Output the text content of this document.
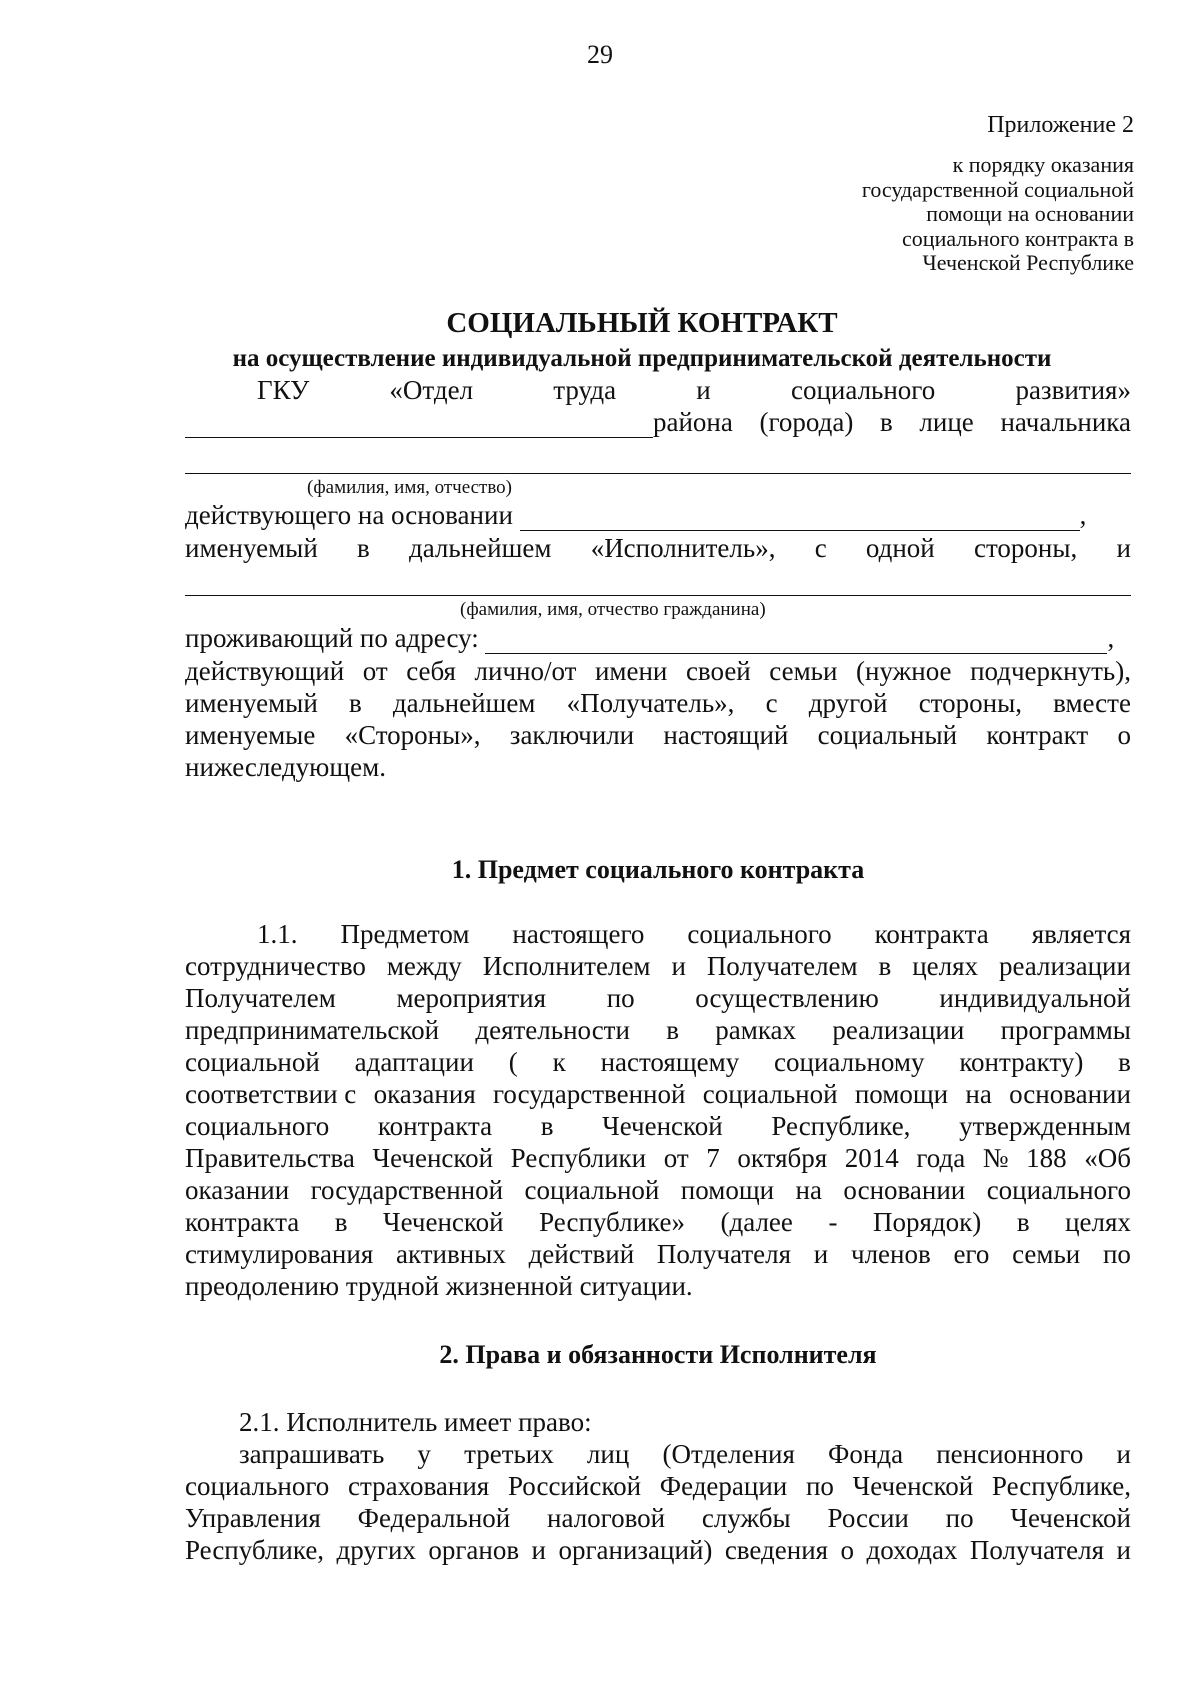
29
Приложение 2
к порядку оказания
государственной социальной
помощи на основании
социального контракта в
Чеченской Республике
СОЦИАЛЬНЫЙ КОНТРАКТ
на осуществление индивидуальной предпринимательской деятельности
ГКУ	«Отдел	труда	и	социального	развития»
района (города) в лице начальника
(фамилия, имя, отчество)
действующего на основании	,
именуемый в дальнейшем «Исполнитель», с одной стороны, и
(фамилия, имя, отчество гражданина)
проживающий по адресу:	,
действующий от себя лично/от имени своей семьи (нужное подчеркнуть),
именуемый в дальнейшем «Получатель», с другой стороны, вместе
именуемые «Стороны», заключили настоящий социальный контракт о
нижеследующем.
1. Предмет социального контракта
1.1. Предметом настоящего социального контракта является
сотрудничество между Исполнителем и Получателем в целях реализации
Получателем мероприятия по осуществлению индивидуальной
предпринимательской деятельности в рамках реализации программы
социальной адаптации ( к настоящему социальному контракту) в
соответствии с оказания государственной социальной помощи на основании
социального контракта в Чеченской Республике, утвержденным
Правительства Чеченской Республики от 7 октября 2014 года № 188 «Об
оказании государственной социальной помощи на основании социального
контракта в Чеченской Республике» (далее - Порядок) в целях
стимулирования активных действий Получателя и членов его семьи по
преодолению трудной жизненной ситуации.
2. Права и обязанности Исполнителя
2.1. Исполнитель имеет право:
запрашивать у третьих лиц (Отделения Фонда пенсионного и
социального страхования Российской Федерации по Чеченской Республике,
Управления Федеральной налоговой службы России по Чеченской
Республике, других органов и организаций) сведения о доходах Получателя и
